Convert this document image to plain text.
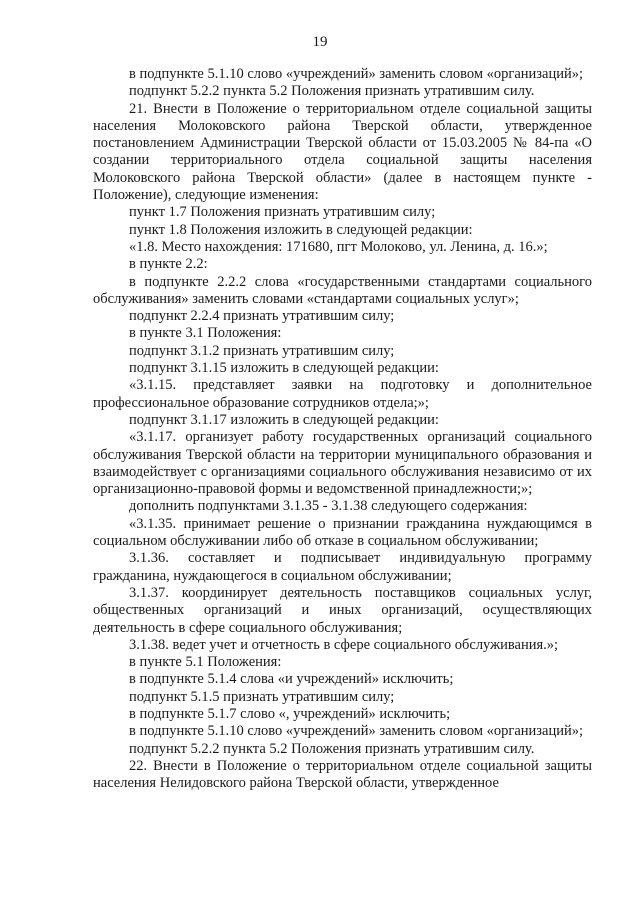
19

в подпункте 5.1.10 слово «учреждений» заменить словом «организаций»;

подпункт 5.2.2 пункта 5.2 Положения признать утратившим силу.

21. Внести в Положение о территориальном отделе социальной защиты населения Молоковского района Тверской области, утвержденное постановлением Администрации Тверской области от 15.03.2005 № 84-па «О создании территориального отдела социальной защиты населения Молоковского района Тверской области» (далее в настоящем пункте - Положение), следующие изменения:

пункт 1.7 Положения признать утратившим силу;

пункт 1.8 Положения изложить в следующей редакции:

«1.8. Место нахождения: 171680, пгт Молоково, ул. Ленина, д. 16.»;

в пункте 2.2:

в подпункте 2.2.2 слова «государственными стандартами социального обслуживания» заменить словами «стандартами социальных услуг»;

подпункт 2.2.4 признать утратившим силу;

в пункте 3.1 Положения:

подпункт 3.1.2 признать утратившим силу;

подпункт 3.1.15 изложить в следующей редакции:

«3.1.15. представляет заявки на подготовку и дополнительное профессиональное образование сотрудников отдела;»;

подпункт 3.1.17 изложить в следующей редакции:

«3.1.17. организует работу государственных организаций социального обслуживания Тверской области на территории муниципального образования и взаимодействует с организациями социального обслуживания независимо от их организационно-правовой формы и ведомственной принадлежности;»;

дополнить подпунктами 3.1.35 - 3.1.38 следующего содержания:

«3.1.35. принимает решение о признании гражданина нуждающимся в социальном обслуживании либо об отказе в социальном обслуживании;

3.1.36. составляет и подписывает индивидуальную программу гражданина, нуждающегося в социальном обслуживании;

3.1.37. координирует деятельность поставщиков социальных услуг, общественных организаций и иных организаций, осуществляющих деятельность в сфере социального обслуживания;

3.1.38. ведет учет и отчетность в сфере социального обслуживания.»;

в пункте 5.1 Положения:

в подпункте 5.1.4 слова «и учреждений» исключить;

подпункт 5.1.5 признать утратившим силу;

в подпункте 5.1.7 слово «, учреждений» исключить;

в подпункте 5.1.10 слово «учреждений» заменить словом «организаций»;

подпункт 5.2.2 пункта 5.2 Положения признать утратившим силу.

22. Внести в Положение о территориальном отделе социальной защиты населения Нелидовского района Тверской области, утвержденное
